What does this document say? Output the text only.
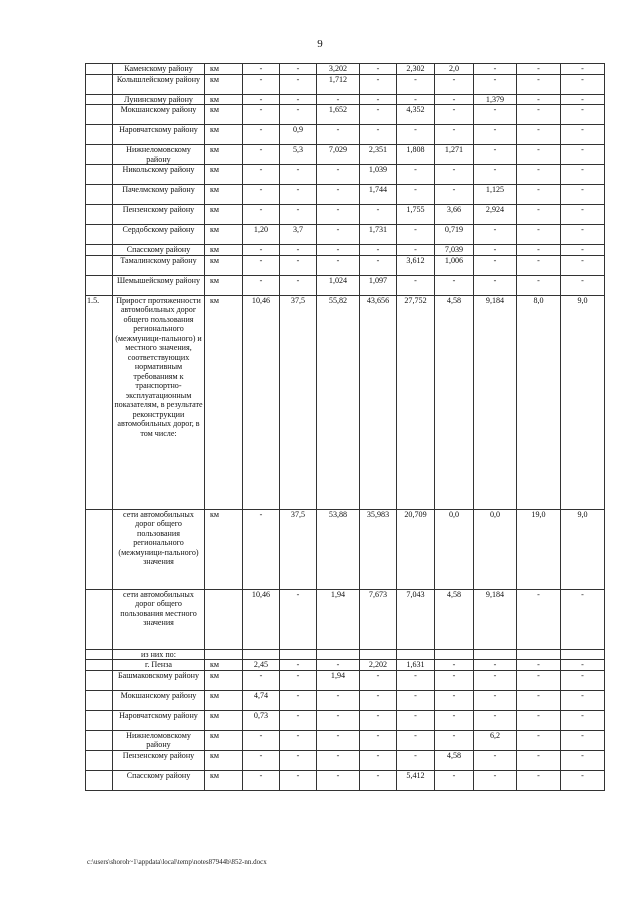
9
	Каменскому району	км	-	-	3,202	-	2,302	2,0	-	-	-
	Колышлейскому району	км	-	-	1,712	-	-	-	-	-	-
	Лунинскому району	км	-	-	-	-	-	-	1,379	-	-
	Мокшанскому району	км	-	-	1,652	-	4,352	-	-	-	-
	Наровчатскому району	км	-	0,9	-	-	-	-	-	-	-
	Нижнеломовскому району	км	-	5,3	7,029	2,351	1,808	1,271	-	-	-
	Никольскому району	км	-	-	-	1,039	-	-	-	-	-
	Пачелмскому району	км	-	-	-	1,744	-	-	1,125	-	-
	Пензенскому району	км	-	-	-	-	1,755	3,66	2,924	-	-
	Сердобскому району	км	1,20	3,7	-	1,731	-	0,719	-	-	-
	Спасскому району	км	-	-	-	-	-	7,039	-	-	-
	Тамалинскому району	км	-	-	-	-	3,612	1,006	-	-	-
	Шемышейскому району	км	-	-	1,024	1,097	-	-	-	-	-
1.5.	Прирост протяженности автомобильных дорог общего пользования регионального (межмуници-пального) и местного значения, соответствующих нормативным требованиям к транспортно-эксплуатационным показателям, в результате реконструкции автомобильных дорог, в том числе:	км	10,46	37,5	55,82	43,656	27,752	4,58	9,184	8,0	9,0
	сети автомобильных дорог общего пользования регионального (межмуници-пального) значения	км	-	37,5	53,88	35,983	20,709	0,0	0,0	19,0	9,0
	сети автомобильных дорог общего пользования местного значения		10,46	-	1,94	7,673	7,043	4,58	9,184	-	-
	из них по:										
	г. Пенза	км	2,45	-	-	2,202	1,631	-	-	-	-
	Башмаковскому району	км	-	-	1,94	-	-	-	-	-	-
	Мокшанскому району	км	4,74	-	-	-	-	-	-	-	-
	Наровчатскому району	км	0,73	-	-	-	-	-	-	-	-
	Нижнеломовскому району	км	-	-	-	-	-	-	6,2	-	-
	Пензенскому району	км	-	-	-	-	-	4,58	-	-	-
	Спасскому району	км	-	-	-	-	5,412	-	-	-	-
c:\users\shoroh~1\appdata\local\temp\notes87944b\852-nn.docx
